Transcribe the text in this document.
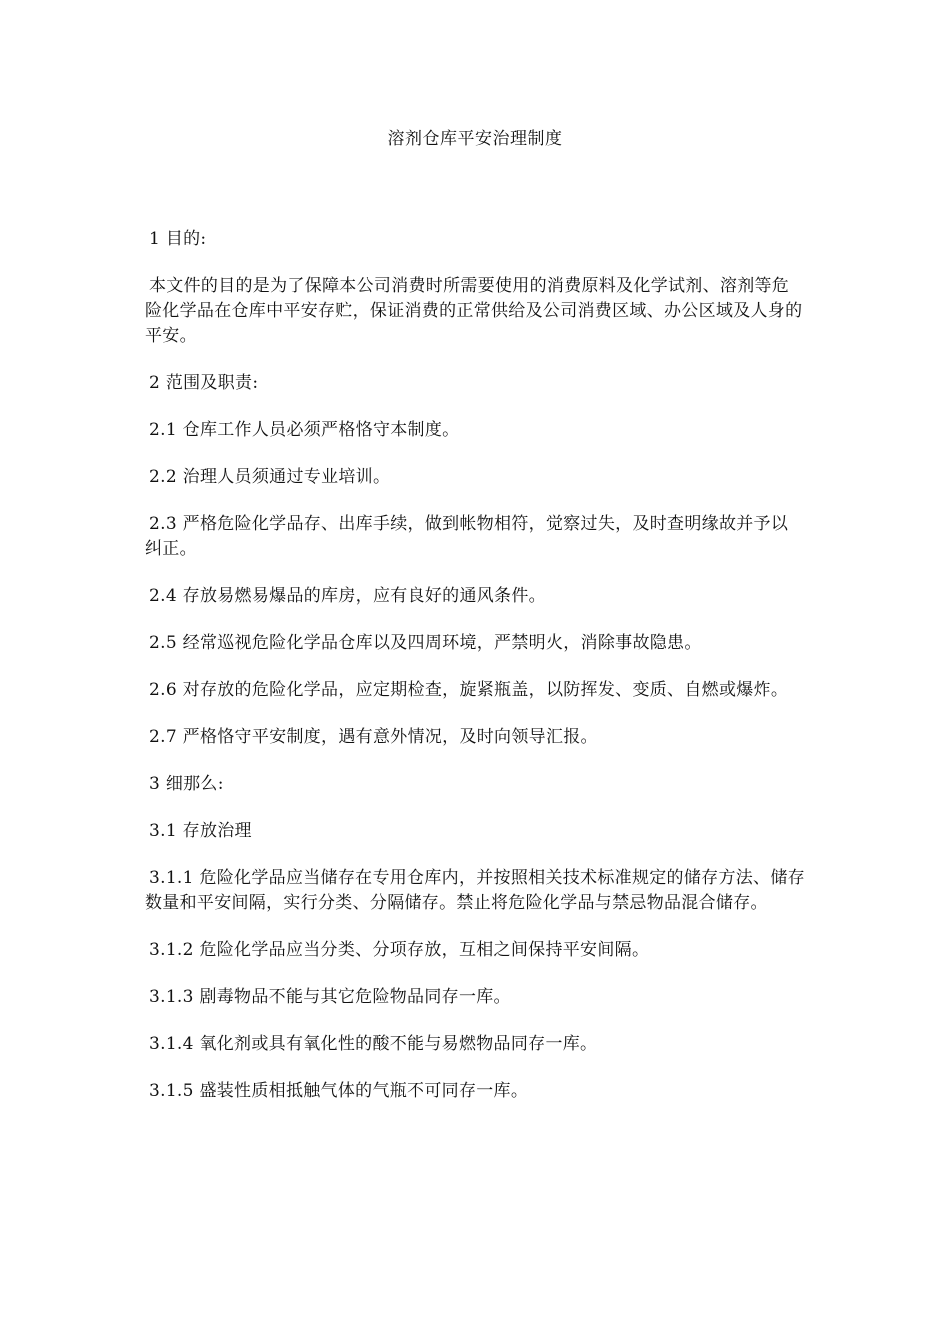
溶剂仓库平安治理制度

1 目的:

本文件的目的是为了保障本公司消费时所需要使用的消费原料及化学试剂、溶剂等危险化学品在仓库中平安存贮，保证消费的正常供给及公司消费区域、办公区域及人身的平安。

2 范围及职责:

2.1 仓库工作人员必须严格恪守本制度。

2.2 治理人员须通过专业培训。

2.3 严格危险化学品存、出库手续，做到帐物相符，觉察过失，及时查明缘故并予以纠正。

2.4 存放易燃易爆品的库房，应有良好的通风条件。

2.5 经常巡视危险化学品仓库以及四周环境，严禁明火，消除事故隐患。

2.6 对存放的危险化学品，应定期检查，旋紧瓶盖，以防挥发、变质、自燃或爆炸。

2.7 严格恪守平安制度，遇有意外情况，及时向领导汇报。

3 细那么:

3.1 存放治理

3.1.1 危险化学品应当储存在专用仓库内，并按照相关技术标准规定的储存方法、储存数量和平安间隔，实行分类、分隔储存。禁止将危险化学品与禁忌物品混合储存。

3.1.2 危险化学品应当分类、分项存放，互相之间保持平安间隔。

3.1.3 剧毒物品不能与其它危险物品同存一库。

3.1.4 氧化剂或具有氧化性的酸不能与易燃物品同存一库。

3.1.5 盛装性质相抵触气体的气瓶不可同存一库。
